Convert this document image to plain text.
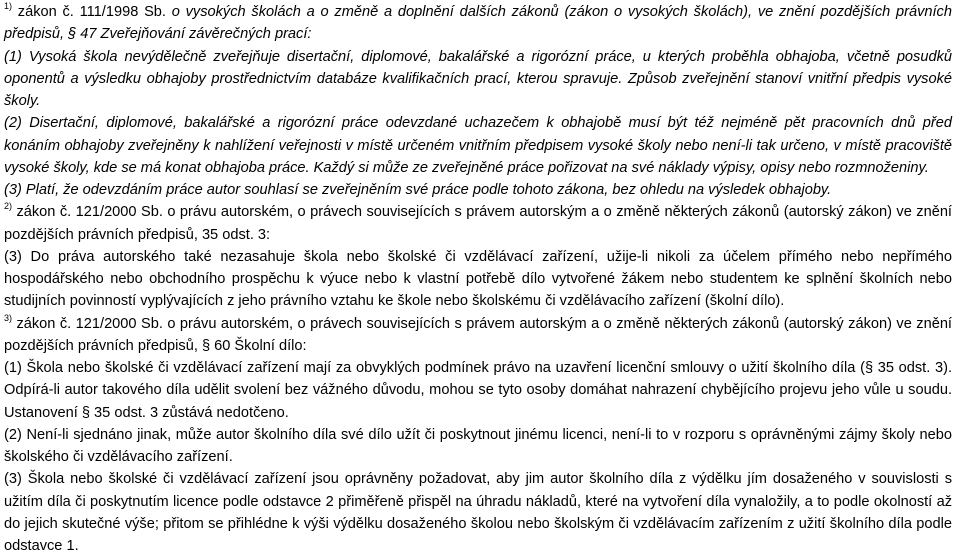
$^{1)}$ zákon č. 111/1998 Sb. o vysokých školách a o změně a doplnění dalších zákonů (zákon o vysokých školách), ve znění pozdějších právních předpisů, § 47 Zveřejňování závěrečných prací:

(1) Vysoká škola nevýdělečně zveřejňuje disertační, diplomové, bakalářské a rigorózní práce, u kterých proběhla obhajoba, včetně posudků oponentů a výsledku obhajoby prostřednictvím databáze kvalifikačních prací, kterou spravuje. Způsob zveřejnění stanoví vnitřní předpis vysoké školy.

(2) Disertační, diplomové, bakalářské a rigorózní práce odevzdané uchazečem k obhajobě musí být též nejméně pět pracovních dnů před konáním obhajoby zveřejněny k nahlížení veřejnosti v místě určeném vnitřním předpisem vysoké školy nebo není-li tak určeno, v místě pracoviště vysoké školy, kde se má konat obhajoba práce. Každý si může ze zveřejněné práce pořizovat na své náklady výpisy, opisy nebo rozmnoženiny.

(3) Platí, že odevzdáním práce autor souhlasí se zveřejněním své práce podle tohoto zákona, bez ohledu na výsledek obhajoby.

$^{2)}$ zákon č. 121/2000 Sb. o právu autorském, o právech souvisejících s právem autorským a o změně některých zákonů (autorský zákon) ve znění pozdějších právních předpisů, 35 odst. 3:

(3) Do práva autorského také nezasahuje škola nebo školské či vzdělávací zařízení, užije-li nikoli za účelem přímého nebo nepřímého hospodářského nebo obchodního prospěchu k výuce nebo k vlastní potřebě dílo vytvořené žákem nebo studentem ke splnění školních nebo studijních povinností vyplývajících z jeho právního vztahu ke škole nebo školskému či vzdělávacího zařízení (školní dílo).

$^{3)}$ zákon č. 121/2000 Sb. o právu autorském, o právech souvisejících s právem autorským a o změně některých zákonů (autorský zákon) ve znění pozdějších právních předpisů, § 60 Školní dílo:

(1) Škola nebo školské či vzdělávací zařízení mají za obvyklých podmínek právo na uzavření licenční smlouvy o užití školního díla (§ 35 odst. 3). Odpírá-li autor takového díla udělit svolení bez vážného důvodu, mohou se tyto osoby domáhat nahrazení chybějícího projevu jeho vůle u soudu. Ustanovení § 35 odst. 3 zůstává nedotčeno.

(2) Není-li sjednáno jinak, může autor školního díla své dílo užít či poskytnout jinému licenci, není-li to v rozporu s oprávněnými zájmy školy nebo školského či vzdělávacího zařízení.

(3) Škola nebo školské či vzdělávací zařízení jsou oprávněny požadovat, aby jim autor školního díla z výdělku jím dosaženého v souvislosti s užitím díla či poskytnutím licence podle odstavce 2 přiměřeně přispěl na úhradu nákladů, které na vytvoření díla vynaložily, a to podle okolností až do jejich skutečné výše; přitom se přihlédne k výši výdělku dosaženého školou nebo školským či vzdělávacím zařízením z užití školního díla podle odstavce 1.
